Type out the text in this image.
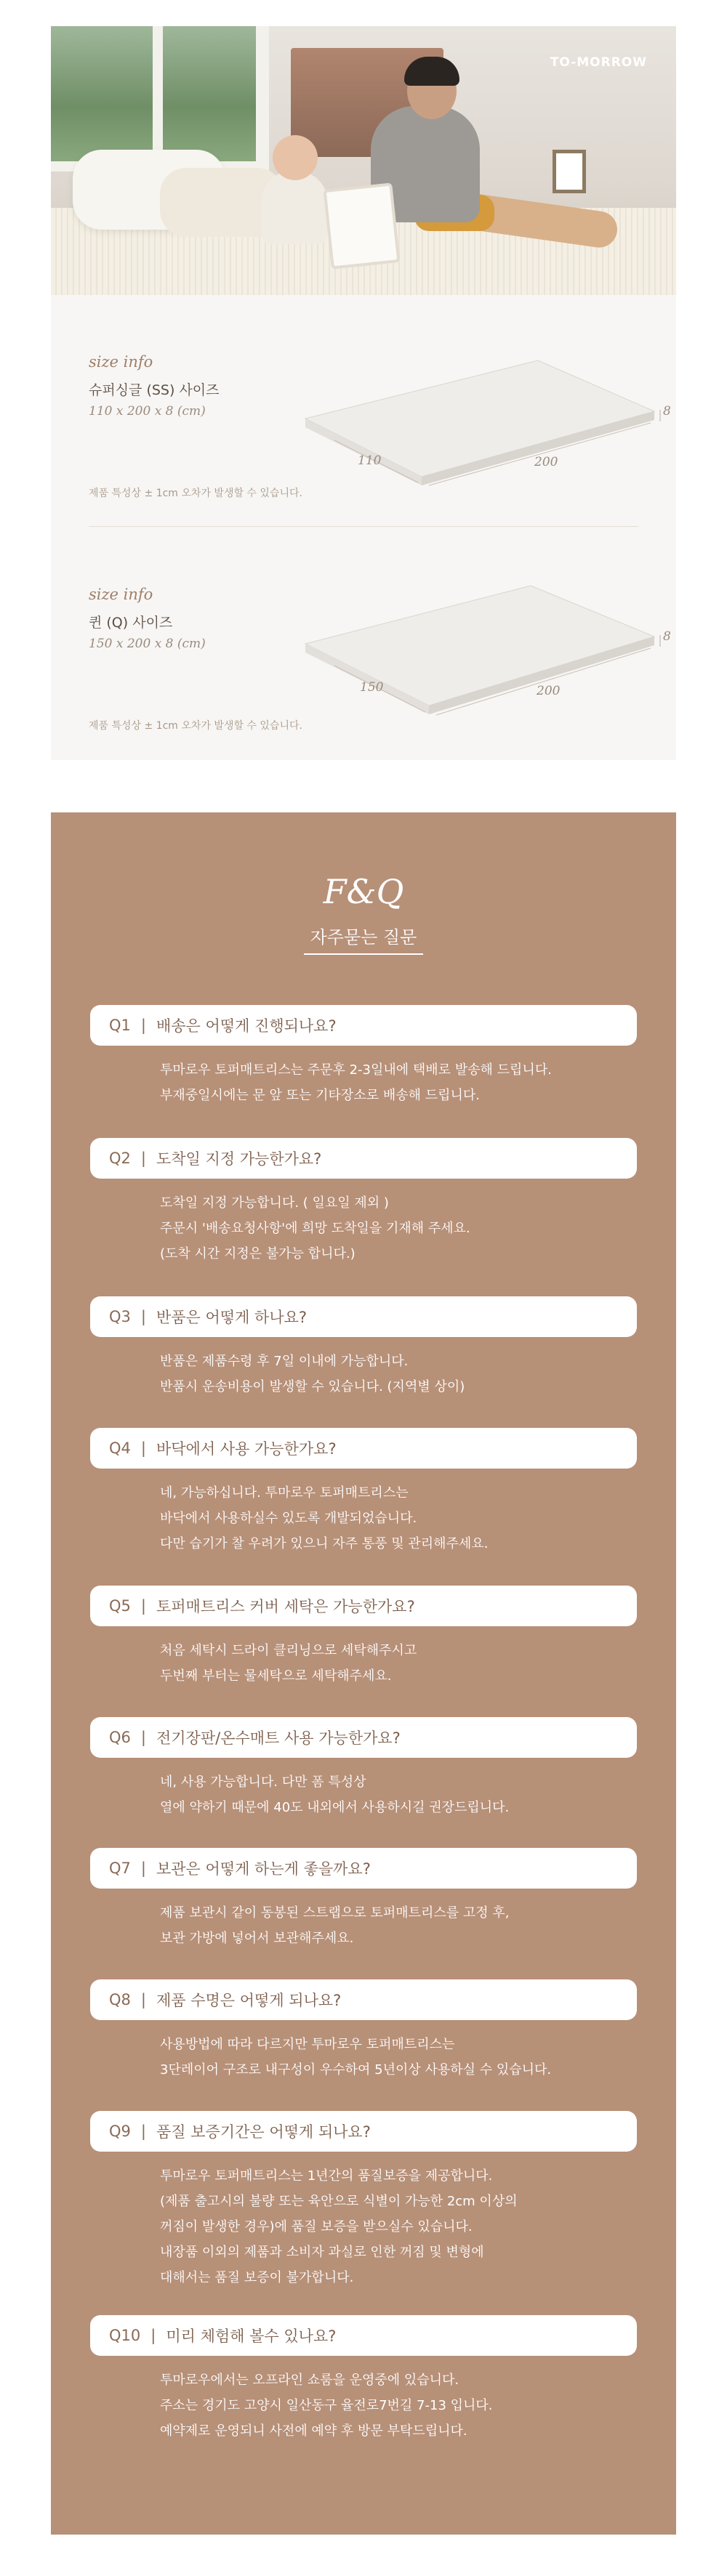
TO-MORROW
size info
슈퍼싱글 (SS) 사이즈
110 x 200 x 8 (cm)
110	200
8
제품 특성상 ± 1cm 오차가 발생할 수 있습니다.
size info
퀸 (Q) 사이즈
150 x 200 x 8 (cm)
150	200
8
제품 특성상 ± 1cm 오차가 발생할 수 있습니다.
F&Q
자주묻는 질문
Q1 | 배송은 어떻게 진행되나요?
투마로우 토퍼매트리스는 주문후 2-3일내에 택배로 발송해 드립니다.
부재중일시에는 문 앞 또는 기타장소로 배송해 드립니다.
Q2 | 도착일 지정 가능한가요?
도착일 지정 가능합니다. ( 일요일 제외 )
주문시 '배송요청사항'에 희망 도착일을 기재해 주세요.
(도착 시간 지정은 불가능 합니다.)
Q3 | 반품은 어떻게 하나요?
반품은 제품수령 후 7일 이내에 가능합니다.
반품시 운송비용이 발생할 수 있습니다. (지역별 상이)
Q4 | 바닥에서 사용 가능한가요?
네, 가능하십니다. 투마로우 토퍼매트리스는
바닥에서 사용하실수 있도록 개발되었습니다.
다만 습기가 찰 우려가 있으니 자주 통풍 및 관리해주세요.
Q5 | 토퍼매트리스 커버 세탁은 가능한가요?
처음 세탁시 드라이 클리닝으로 세탁해주시고
두번째 부터는 물세탁으로 세탁해주세요.
Q6 | 전기장판/온수매트 사용 가능한가요?
네, 사용 가능합니다. 다만 폼 특성상
열에 약하기 때문에 40도 내외에서 사용하시길 권장드립니다.
Q7 | 보관은 어떻게 하는게 좋을까요?
제품 보관시 같이 동봉된 스트랩으로 토퍼매트리스를 고정 후,
보관 가방에 넣어서 보관해주세요.
Q8 | 제품 수명은 어떻게 되나요?
사용방법에 따라 다르지만 투마로우 토퍼매트리스는
3단레이어 구조로 내구성이 우수하여 5년이상 사용하실 수 있습니다.
Q9 | 품질 보증기간은 어떻게 되나요?
투마로우 토퍼매트리스는 1년간의 품질보증을 제공합니다.
(제품 출고시의 불량 또는 육안으로 식별이 가능한 2cm 이상의
꺼짐이 발생한 경우)에 품질 보증을 받으실수 있습니다.
내장품 이외의 제품과 소비자 과실로 인한 꺼짐 및 변형에
대해서는 품질 보증이 불가합니다.
Q10 | 미리 체험해 볼수 있나요?
투마로우에서는 오프라인 쇼룸을 운영중에 있습니다.
주소는 경기도 고양시 일산동구 율전로7번길 7-13 입니다.
예약제로 운영되니 사전에 예약 후 방문 부탁드립니다.
